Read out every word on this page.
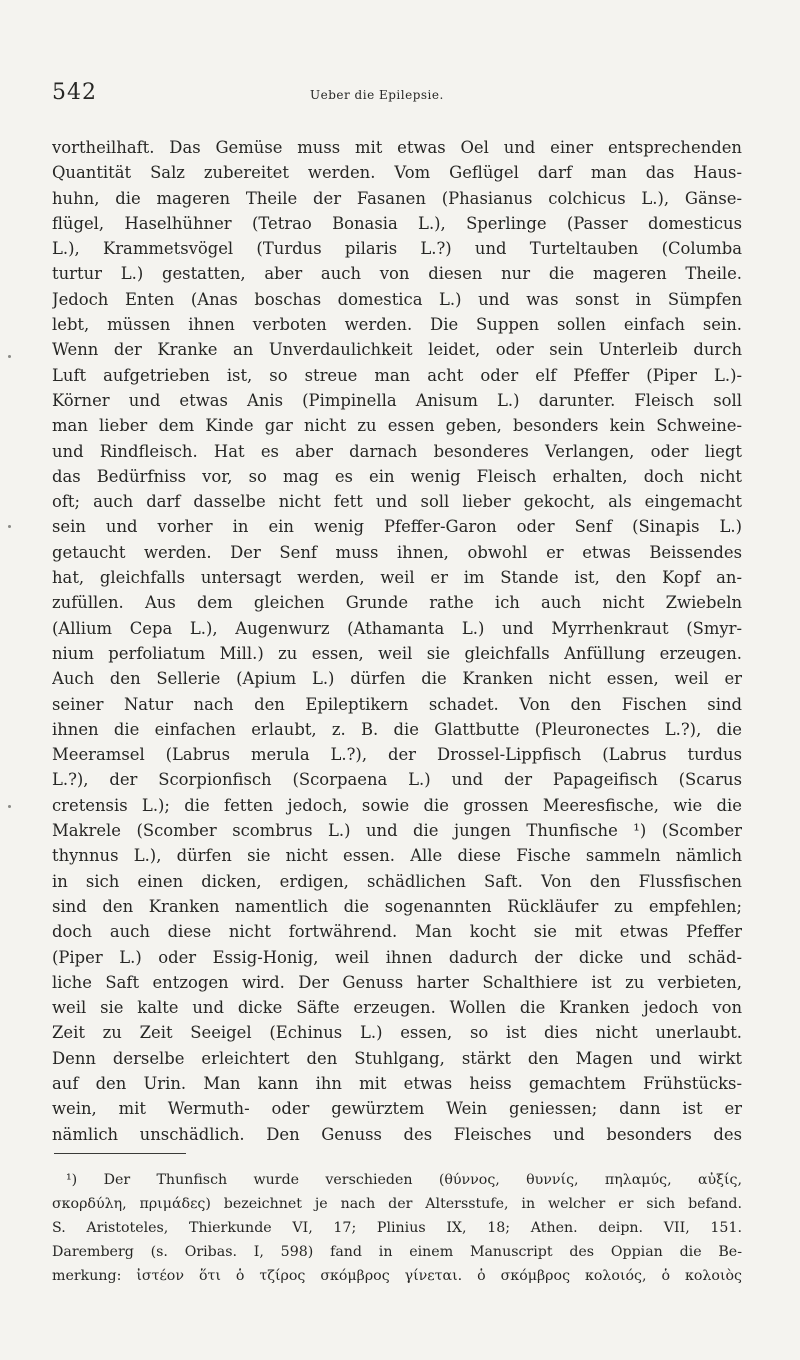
542	Ueber die Epilepsie.
vortheilhaft. Das Gemüse muss mit etwas Oel und einer entsprechenden
Quantität Salz zubereitet werden. Vom Geflügel darf man das Haus-
huhn, die mageren Theile der Fasanen (Phasianus colchicus L.), Gänse-
flügel, Haselhühner (Tetrao Bonasia L.), Sperlinge (Passer domesticus
L.), Krammetsvögel (Turdus pilaris L.?) und Turteltauben (Columba
turtur L.) gestatten, aber auch von diesen nur die mageren Theile.
Jedoch Enten (Anas boschas domestica L.) und was sonst in Sümpfen
lebt, müssen ihnen verboten werden. Die Suppen sollen einfach sein.
Wenn der Kranke an Unverdaulichkeit leidet, oder sein Unterleib durch
Luft aufgetrieben ist, so streue man acht oder elf Pfeffer (Piper L.)-
Körner und etwas Anis (Pimpinella Anisum L.) darunter. Fleisch soll
man lieber dem Kinde gar nicht zu essen geben, besonders kein Schweine-
und Rindfleisch. Hat es aber darnach besonderes Verlangen, oder liegt
das Bedürfniss vor, so mag es ein wenig Fleisch erhalten, doch nicht
oft; auch darf dasselbe nicht fett und soll lieber gekocht, als eingemacht
sein und vorher in ein wenig Pfeffer-Garon oder Senf (Sinapis L.)
getaucht werden. Der Senf muss ihnen, obwohl er etwas Beissendes
hat, gleichfalls untersagt werden, weil er im Stande ist, den Kopf an-
zufüllen. Aus dem gleichen Grunde rathe ich auch nicht Zwiebeln
(Allium Cepa L.), Augenwurz (Athamanta L.) und Myrrhenkraut (Smyr-
nium perfoliatum Mill.) zu essen, weil sie gleichfalls Anfüllung erzeugen.
Auch den Sellerie (Apium L.) dürfen die Kranken nicht essen, weil er
seiner Natur nach den Epileptikern schadet. Von den Fischen sind
ihnen die einfachen erlaubt, z. B. die Glattbutte (Pleuronectes L.?), die
Meeramsel (Labrus merula L.?), der Drossel-Lippfisch (Labrus turdus
L.?), der Scorpionfisch (Scorpaena L.) und der Papageifisch (Scarus
cretensis L.); die fetten jedoch, sowie die grossen Meeresfische, wie die
Makrele (Scomber scombrus L.) und die jungen Thunfische ¹) (Scomber
thynnus L.), dürfen sie nicht essen. Alle diese Fische sammeln nämlich
in sich einen dicken, erdigen, schädlichen Saft. Von den Flussfischen
sind den Kranken namentlich die sogenannten Rückläufer zu empfehlen;
doch auch diese nicht fortwährend. Man kocht sie mit etwas Pfeffer
(Piper L.) oder Essig-Honig, weil ihnen dadurch der dicke und schäd-
liche Saft entzogen wird. Der Genuss harter Schalthiere ist zu verbieten,
weil sie kalte und dicke Säfte erzeugen. Wollen die Kranken jedoch von
Zeit zu Zeit Seeigel (Echinus L.) essen, so ist dies nicht unerlaubt.
Denn derselbe erleichtert den Stuhlgang, stärkt den Magen und wirkt
auf den Urin. Man kann ihn mit etwas heiss gemachtem Frühstücks-
wein, mit Wermuth- oder gewürztem Wein geniessen; dann ist er
nämlich unschädlich. Den Genuss des Fleisches und besonders des
¹) Der Thunfisch wurde verschieden (θύννος, θυννίς, πηλαμύς, αὐξίς,
σκορδύλη, πριμάδες) bezeichnet je nach der Altersstufe, in welcher er sich befand.
S. Aristoteles, Thierkunde VI, 17; Plinius IX, 18; Athen. deipn. VII, 151.
Daremberg (s. Oribas. I, 598) fand in einem Manuscript des Oppian die Be-
merkung: ἰστέον ὅτι ὁ τζίρος σκόμβρος γίνεται. ὁ σκόμβρος κολοιός, ὁ κολοιὸς
